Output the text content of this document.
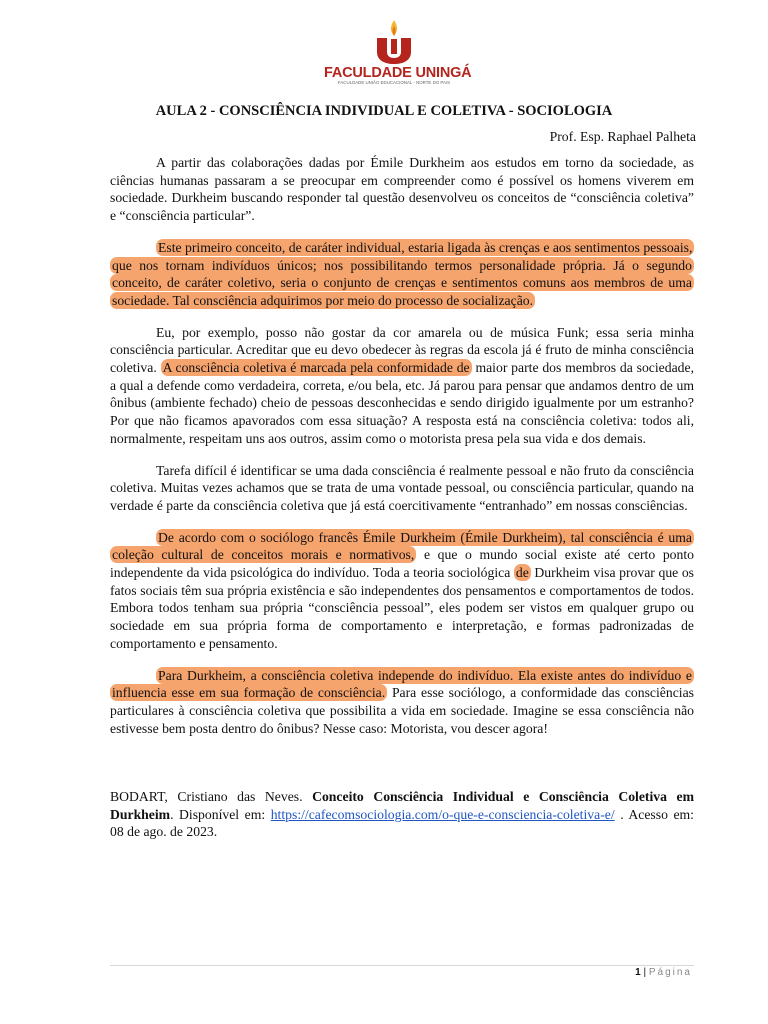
FACULDADE UNINGÁ
FACULDADE UNIÃO EDUCACIONAL - NORTE DO PAIS
AULA 2 - CONSCIÊNCIA INDIVIDUAL E COLETIVA - SOCIOLOGIA
Prof. Esp. Raphael Palheta

A partir das colaborações dadas por Émile Durkheim aos estudos em torno da sociedade, as ciências humanas passaram a se preocupar em compreender como é possível os homens viverem em sociedade. Durkheim buscando responder tal questão desenvolveu os conceitos de “consciência coletiva” e “consciência particular”.

Este primeiro conceito, de caráter individual, estaria ligada às crenças e aos sentimentos pessoais, que nos tornam indivíduos únicos; nos possibilitando termos personalidade própria. Já o segundo conceito, de caráter coletivo, seria o conjunto de crenças e sentimentos comuns aos membros de uma sociedade. Tal consciência adquirimos por meio do processo de socialização.

Eu, por exemplo, posso não gostar da cor amarela ou de música Funk; essa seria minha consciência particular. Acreditar que eu devo obedecer às regras da escola já é fruto de minha consciência coletiva. A consciência coletiva é marcada pela conformidade de maior parte dos membros da sociedade, a qual a defende como verdadeira, correta, e/ou bela, etc. Já parou para pensar que andamos dentro de um ônibus (ambiente fechado) cheio de pessoas desconhecidas e sendo dirigido igualmente por um estranho? Por que não ficamos apavorados com essa situação? A resposta está na consciência coletiva: todos ali, normalmente, respeitam uns aos outros, assim como o motorista presa pela sua vida e dos demais.

Tarefa difícil é identificar se uma dada consciência é realmente pessoal e não fruto da consciência coletiva. Muitas vezes achamos que se trata de uma vontade pessoal, ou consciência particular, quando na verdade é parte da consciência coletiva que já está coercitivamente “entranhado” em nossas consciências.

De acordo com o sociólogo francês Émile Durkheim (Émile Durkheim), tal consciência é uma coleção cultural de conceitos morais e normativos, e que o mundo social existe até certo ponto independente da vida psicológica do indivíduo. Toda a teoria sociológica de Durkheim visa provar que os fatos sociais têm sua própria existência e são independentes dos pensamentos e comportamentos de todos. Embora todos tenham sua própria “consciência pessoal”, eles podem ser vistos em qualquer grupo ou sociedade em sua própria forma de comportamento e interpretação, e formas padronizadas de comportamento e pensamento.

Para Durkheim, a consciência coletiva independe do indivíduo. Ela existe antes do indivíduo e influencia esse em sua formação de consciência. Para esse sociólogo, a conformidade das consciências particulares à consciência coletiva que possibilita a vida em sociedade. Imagine se essa consciência não estivesse bem posta dentro do ônibus? Nesse caso: Motorista, vou descer agora!

BODART, Cristiano das Neves. Conceito Consciência Individual e Consciência Coletiva em Durkheim. Disponível em: https://cafecomsociologia.com/o-que-e-consciencia-coletiva-e/ . Acesso em: 08 de ago. de 2023.
1 | Página
